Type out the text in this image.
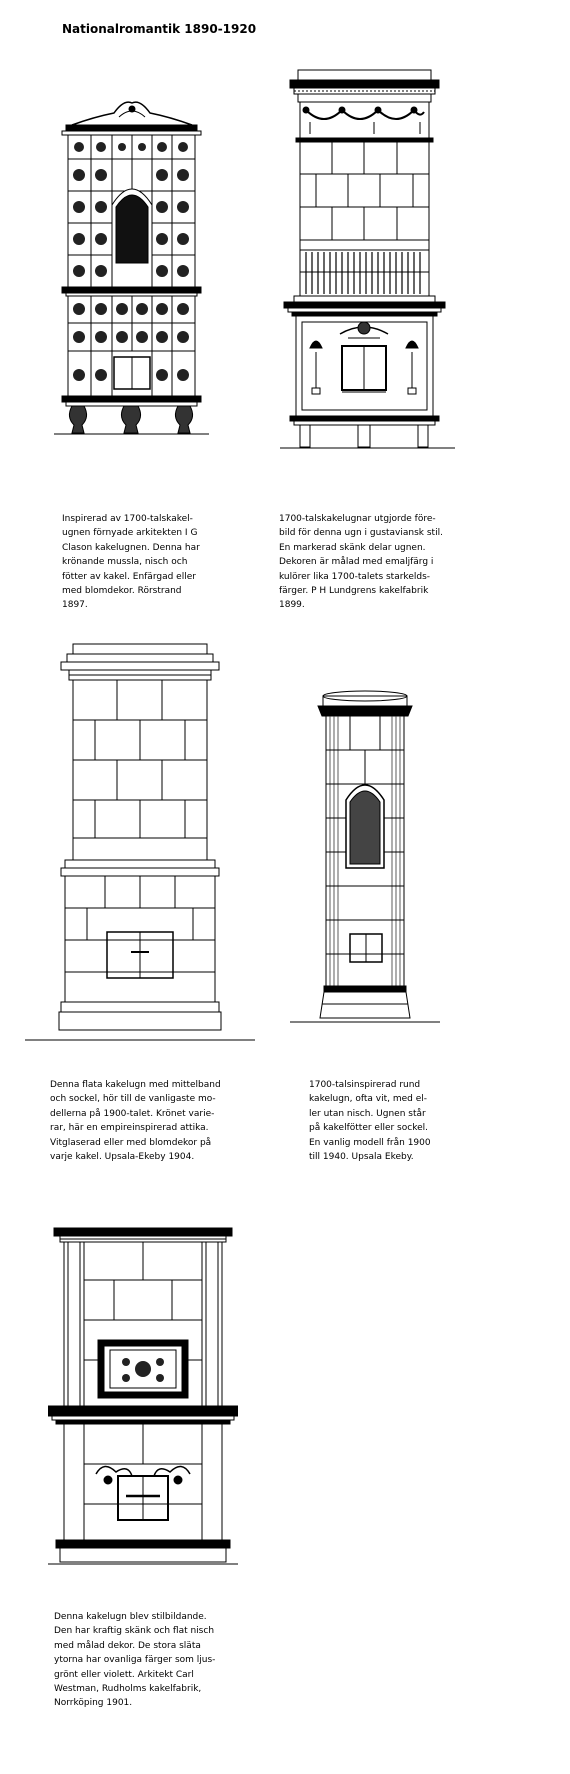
Nationalromantik 1890-1920
Inspirerad av 1700-talskakel-
ugnen förnyade arkitekten I G
Clason kakelugnen. Denna har
krönande mussla, nisch och
fötter av kakel. Enfärgad eller
med blomdekor. Rörstrand
1897.
1700-talskakelugnar utgjorde före-
bild för denna ugn i gustaviansk stil.
En markerad skänk delar ugnen.
Dekoren är målad med emaljfärg i
kulörer lika 1700-talets starkelds-
färger. P H Lundgrens kakelfabrik
1899.
Denna flata kakelugn med mittelband
och sockel, hör till de vanligaste mo-
dellerna på 1900-talet. Krönet varie-
rar, här en empireinspirerad attika.
Vitglaserad eller med blomdekor på
varje kakel. Upsala-Ekeby 1904.
1700-talsinspirerad rund
kakelugn, ofta vit, med el-
ler utan nisch. Ugnen står
på kakelfötter eller sockel.
En vanlig modell från 1900
till 1940. Upsala Ekeby.
Denna kakelugn blev stilbildande.
Den har kraftig skänk och flat nisch
med målad dekor. De stora släta
ytorna har ovanliga färger som ljus-
grönt eller violett. Arkitekt Carl
Westman, Rudholms kakelfabrik,
Norrköping 1901.
